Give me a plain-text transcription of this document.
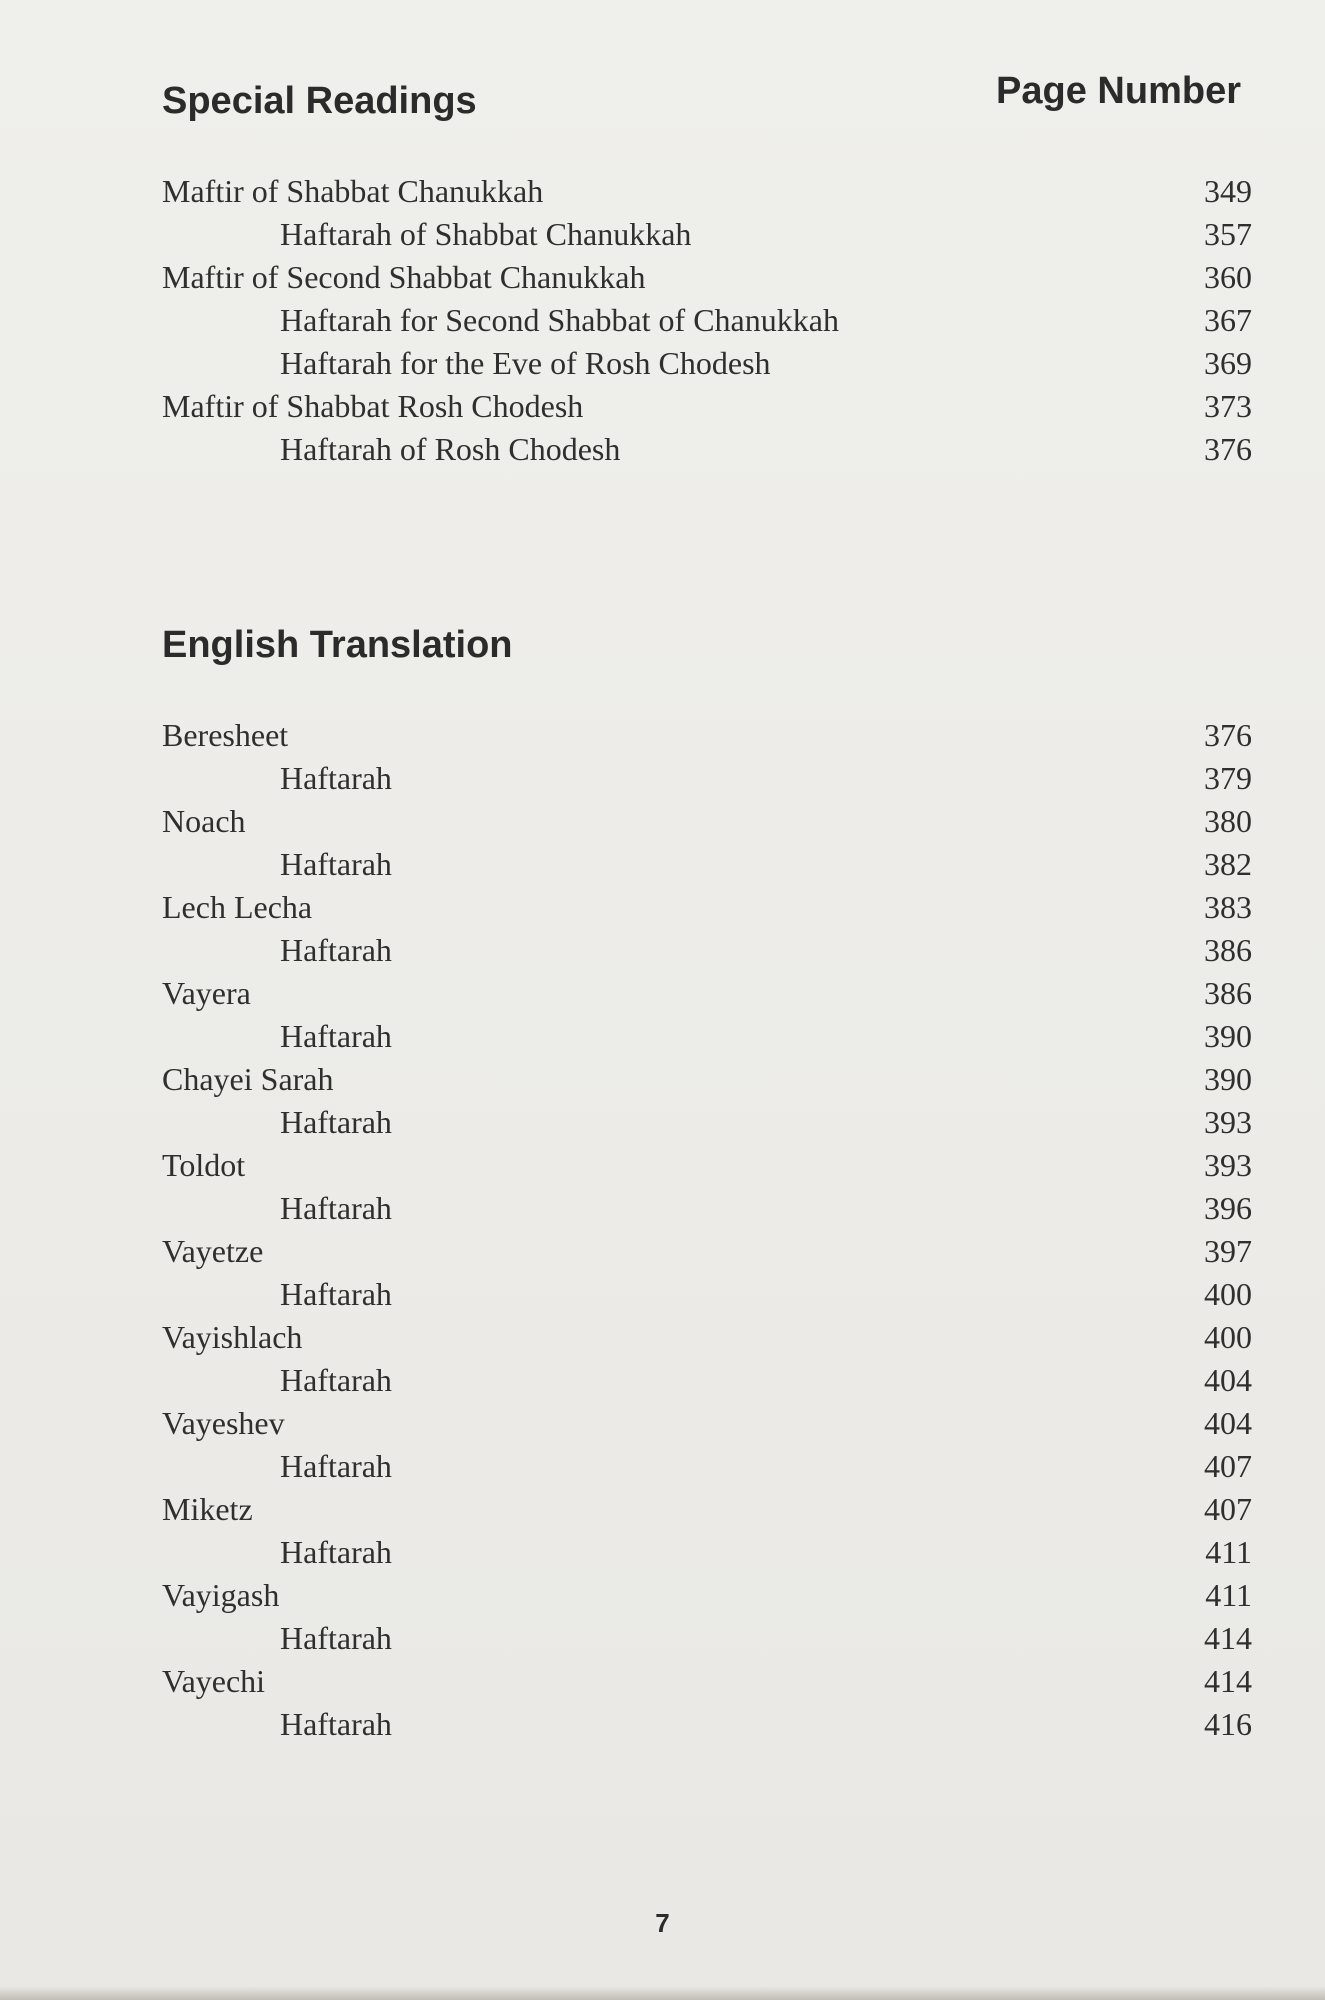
Special Readings	Page Number
Maftir of Shabbat Chanukkah	349
Haftarah of Shabbat Chanukkah	357
Maftir of Second Shabbat Chanukkah	360
Haftarah for Second Shabbat of Chanukkah	367
Haftarah for the Eve of Rosh Chodesh	369
Maftir of Shabbat Rosh Chodesh	373
Haftarah of Rosh Chodesh	376
English Translation
Beresheet	376
Haftarah	379
Noach	380
Haftarah	382
Lech Lecha	383
Haftarah	386
Vayera	386
Haftarah	390
Chayei Sarah	390
Haftarah	393
Toldot	393
Haftarah	396
Vayetze	397
Haftarah	400
Vayishlach	400
Haftarah	404
Vayeshev	404
Haftarah	407
Miketz	407
Haftarah	411
Vayigash	411
Haftarah	414
Vayechi	414
Haftarah	416
7
